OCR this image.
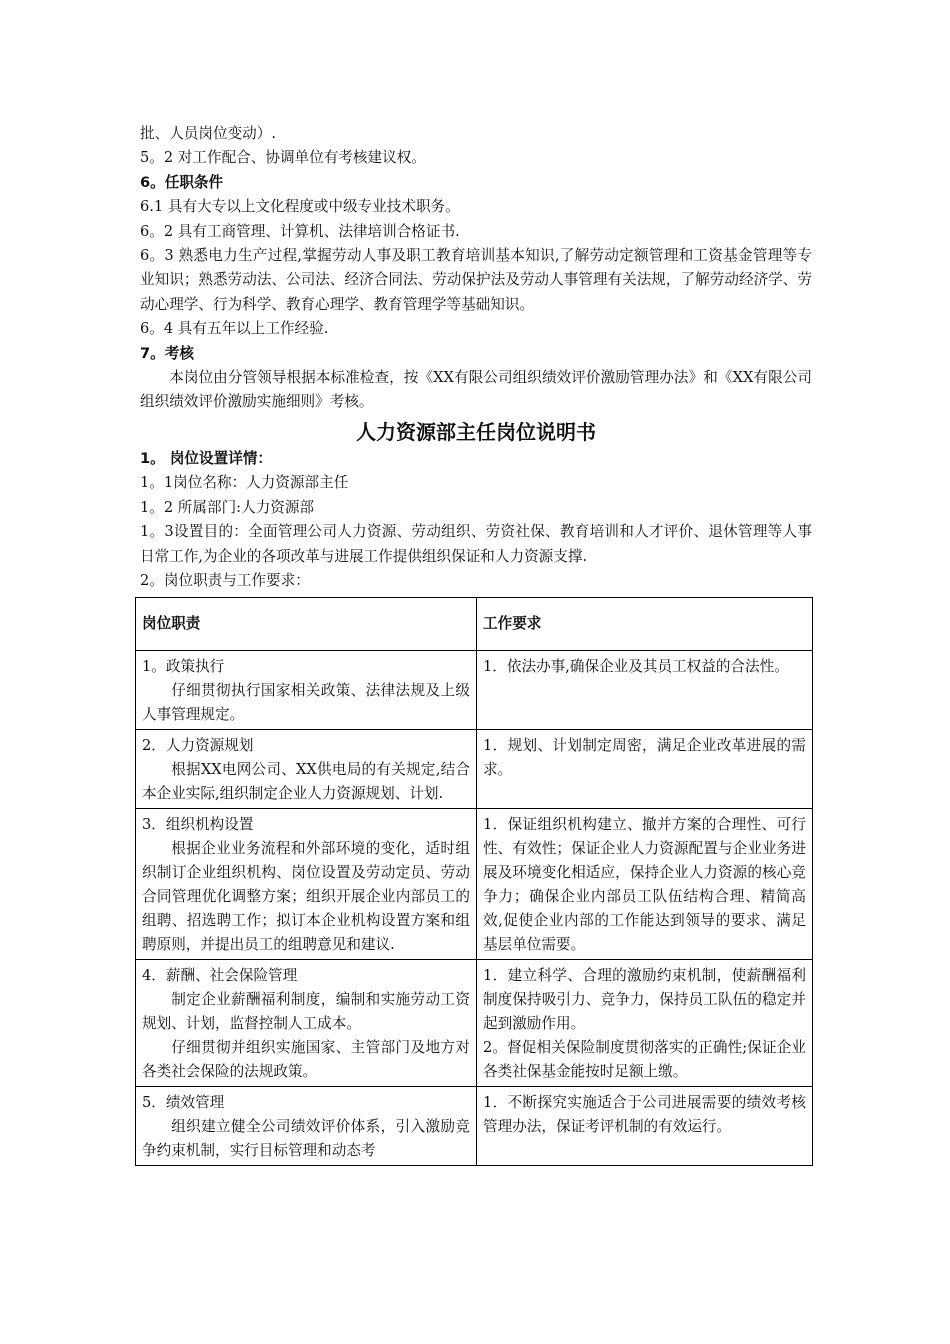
批、人员岗位变动）.
5。2 对工作配合、协调单位有考核建议权。
6。任职条件
6.1 具有大专以上文化程度或中级专业技术职务。
6。2 具有工商管理、计算机、法律培训合格证书.
6。3 熟悉电力生产过程,掌握劳动人事及职工教育培训基本知识,了解劳动定额管理和工资基金管理等专业知识；熟悉劳动法、公司法、经济合同法、劳动保护法及劳动人事管理有关法规，了解劳动经济学、劳动心理学、行为科学、教育心理学、教育管理学等基础知识。
6。4 具有五年以上工作经验.
7。考核
本岗位由分管领导根据本标准检查，按《XX有限公司组织绩效评价激励管理办法》和《XX有限公司组织绩效评价激励实施细则》考核。
人力资源部主任岗位说明书
1。 岗位设置详情：
1。1岗位名称：人力资源部主任
1。2 所属部门:人力资源部
1。3设置目的：全面管理公司人力资源、劳动组织、劳资社保、教育培训和人才评价、退休管理等人事日常工作,为企业的各项改革与进展工作提供组织保证和人力资源支撑.
2。岗位职责与工作要求：
岗位职责	工作要求

1。政策执行
仔细贯彻执行国家相关政策、法律法规及上级人事管理规定。	1．依法办事,确保企业及其员工权益的合法性。

2．人力资源规划
根据XX电网公司、XX供电局的有关规定,结合本企业实际,组织制定企业人力资源规划、计划.	1．规划、计划制定周密，满足企业改革进展的需求。

3．组织机构设置
根据企业业务流程和外部环境的变化，适时组织制订企业组织机构、岗位设置及劳动定员、劳动合同管理优化调整方案；组织开展企业内部员工的组聘、招选聘工作；拟订本企业机构设置方案和组聘原则，并提出员工的组聘意见和建议.	1．保证组织机构建立、撤并方案的合理性、可行性、有效性；保证企业人力资源配置与企业业务进展及环境变化相适应，保持企业人力资源的核心竞争力；确保企业内部员工队伍结构合理、精简高效,促使企业内部的工作能达到领导的要求、满足基层单位需要。

4．薪酬、社会保险管理
制定企业薪酬福利制度，编制和实施劳动工资规划、计划，监督控制人工成本。
仔细贯彻并组织实施国家、主管部门及地方对各类社会保险的法规政策。	1．建立科学、合理的激励约束机制，使薪酬福利制度保持吸引力、竞争力，保持员工队伍的稳定并起到激励作用。
2。督促相关保险制度贯彻落实的正确性;保证企业各类社保基金能按时足额上缴。

5．绩效管理
组织建立健全公司绩效评价体系，引入激励竞争约束机制，实行目标管理和动态考	1．不断探究实施适合于公司进展需要的绩效考核管理办法，保证考评机制的有效运行。
